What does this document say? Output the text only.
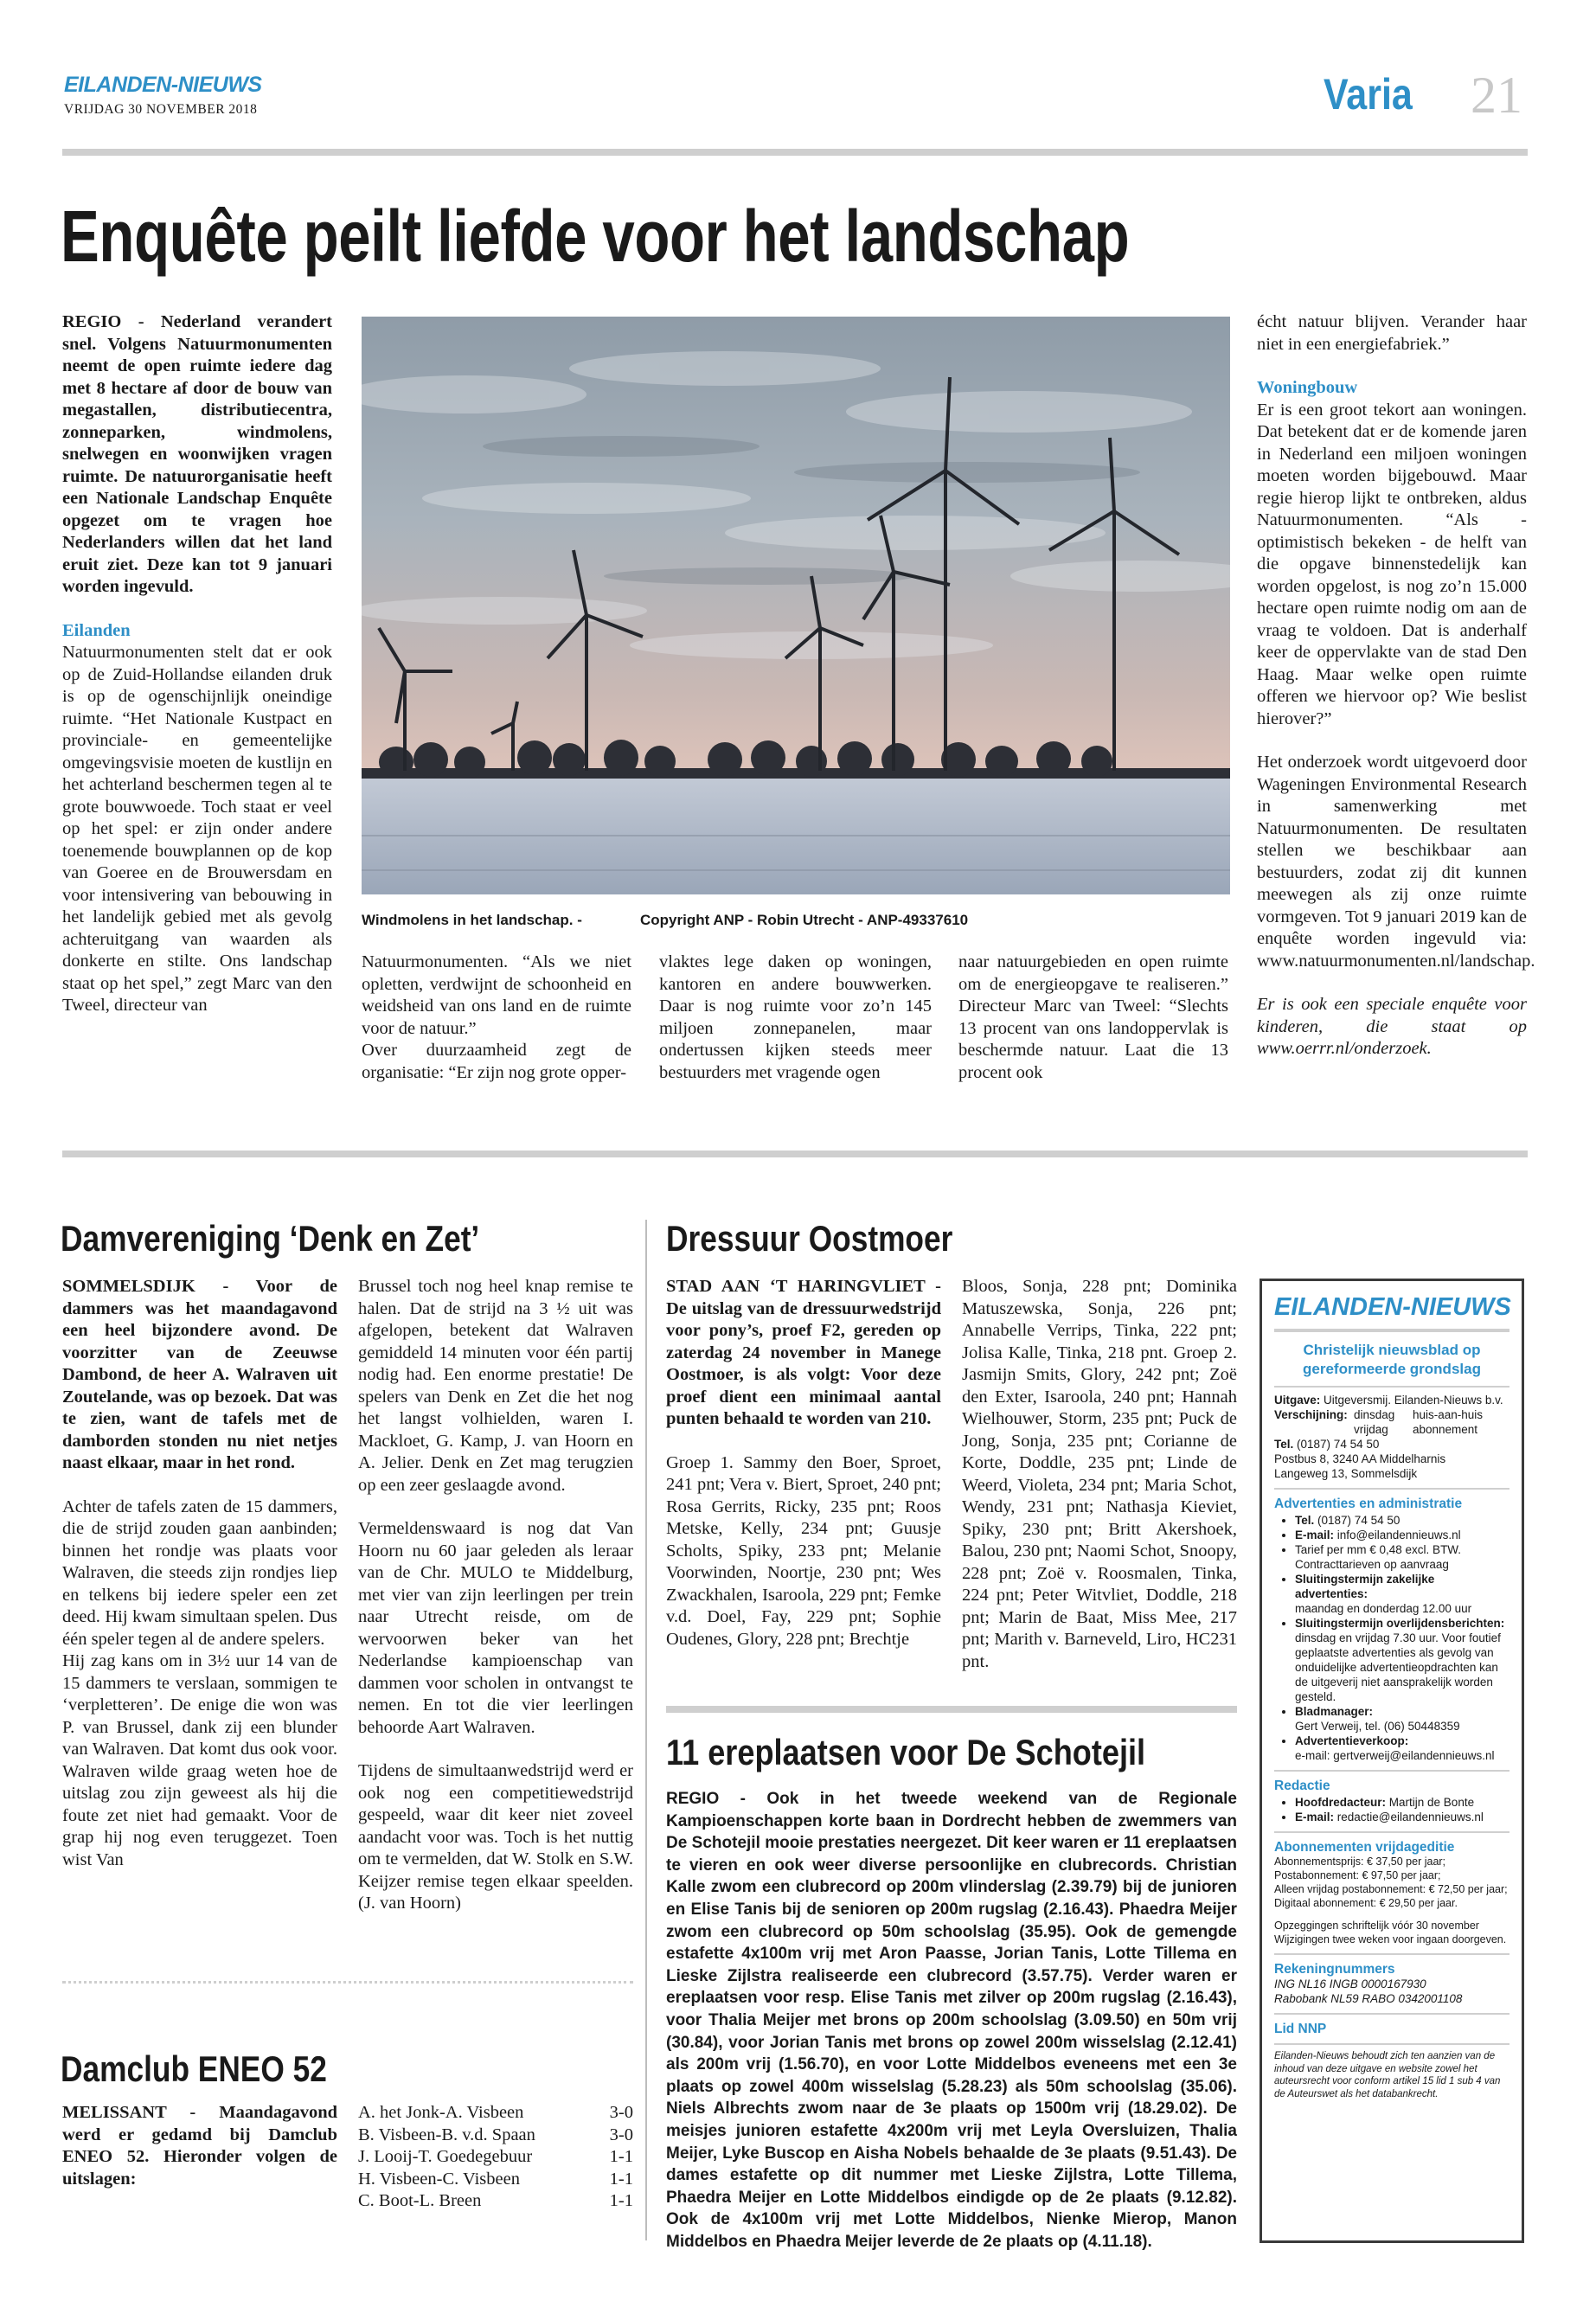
EILANDEN-NIEUWS
VRIJDAG 30 NOVEMBER 2018	Varia 21
Enquête peilt liefde voor het landschap

REGIO - Nederland verandert snel. Volgens Natuurmonumenten neemt de open ruimte iedere dag met 8 hectare af door de bouw van megastallen, distributiecentra, zonneparken, windmolens, snelwegen en woonwijken vragen ruimte. De natuurorganisatie heeft een Nationale Landschap Enquête opgezet om te vragen hoe Nederlanders willen dat het land eruit ziet. Deze kan tot 9 januari worden ingevuld.

Eilanden

Natuurmonumenten stelt dat er ook op de Zuid-Hollandse eilanden druk is op de ogenschijnlijk oneindige ruimte. “Het Nationale Kustpact en provinciale- en gemeentelijke omgevingsvisie moeten de kustlijn en het achterland beschermen tegen al te grote bouwwoede. Toch staat er veel op het spel: er zijn onder andere toenemende bouwplannen op de kop van Goeree en de Brouwersdam en voor intensivering van bebouwing in het landelijk gebied met als gevolg achteruitgang van waarden als donkerte en stilte. Ons landschap staat op het spel,” zegt Marc van den Tweel, directeur van

Windmolens in het landschap. -	Copyright ANP - Robin Utrecht - ANP-49337610

Natuurmonumenten. “Als we niet opletten, verdwijnt de schoonheid en weidsheid van ons land en de ruimte voor de natuur.”

Over duurzaamheid zegt de organisatie: “Er zijn nog grote opper-

vlaktes lege daken op woningen, kantoren en andere bouwwerken. Daar is nog ruimte voor zo’n 145 miljoen zonnepanelen, maar ondertussen kijken steeds meer bestuurders met vragende ogen

naar natuurgebieden en open ruimte om de energieopgave te realiseren.” Directeur Marc van Tweel: “Slechts 13 procent van ons landoppervlak is beschermde natuur. Laat die 13 procent ook

écht natuur blijven. Verander haar niet in een energiefabriek.”

Woningbouw

Er is een groot tekort aan woningen. Dat betekent dat er de komende jaren in Nederland een miljoen woningen moeten worden bijgebouwd. Maar regie hierop lijkt te ontbreken, aldus Natuurmonumenten. “Als - optimistisch bekeken - de helft van die opgave binnenstedelijk kan worden opgelost, is nog zo’n 15.000 hectare open ruimte nodig om aan de vraag te voldoen. Dat is anderhalf keer de oppervlakte van de stad Den Haag. Maar welke open ruimte offeren we hiervoor op? Wie beslist hierover?”

Het onderzoek wordt uitgevoerd door Wageningen Environmental Research in samenwerking met Natuurmonumenten. De resultaten stellen we beschikbaar aan bestuurders, zodat zij dit kunnen meewegen als zij onze ruimte vormgeven. Tot 9 januari 2019 kan de enquête worden ingevuld via: www.natuurmonumenten.nl/landschap.

Er is ook een speciale enquête voor kinderen, die staat op www.oerrr.nl/onderzoek.

Damvereniging ‘Denk en Zet’

SOMMELSDIJK - Voor de dammers was het maandagavond een heel bijzondere avond. De voorzitter van de Zeeuwse Dambond, de heer A. Walraven uit Zoutelande, was op bezoek. Dat was te zien, want de tafels met de damborden stonden nu niet netjes naast elkaar, maar in het rond.

Achter de tafels zaten de 15 dammers, die de strijd zouden gaan aanbinden; binnen het rondje was plaats voor Walraven, die steeds zijn rondjes liep en telkens bij iedere speler een zet deed. Hij kwam simultaan spelen. Dus één speler tegen al de andere spelers.

Hij zag kans om in 3½ uur 14 van de 15 dammers te verslaan, sommigen te ‘verpletteren’. De enige die won was P. van Brussel, dank zij een blunder van Walraven. Dat komt dus ook voor. Walraven wilde graag weten hoe de uitslag zou zijn geweest als hij die foute zet niet had gemaakt. Voor de grap hij nog even teruggezet. Toen wist Van

Brussel toch nog heel knap remise te halen. Dat de strijd na 3 ½ uit was afgelopen, betekent dat Walraven gemiddeld 14 minuten voor één partij nodig had. Een enorme prestatie! De spelers van Denk en Zet die het nog het langst volhielden, waren I. Mackloet, G. Kamp, J. van Hoorn en A. Jelier. Denk en Zet mag terugzien op een zeer geslaagde avond.

Vermeldenswaard is nog dat Van Hoorn nu 60 jaar geleden als leraar van de Chr. MULO te Middelburg, met vier van zijn leerlingen per trein naar Utrecht reisde, om de wervoorwen beker van het Nederlandse kampioenschap van dammen voor scholen in ontvangst te nemen. En tot die vier leerlingen behoorde Aart Walraven.

Tijdens de simultaanwedstrijd werd er ook nog een competitiewedstrijd gespeeld, waar dit keer niet zoveel aandacht voor was. Toch is het nuttig om te vermelden, dat W. Stolk en S.W. Keijzer remise tegen elkaar speelden. (J. van Hoorn)

Damclub ENEO 52
MELISSANT - Maandagavond werd er gedamd bij Damclub ENEO 52. Hieronder volgen de uitslagen:
A. het Jonk-A. Visbeen	3-0
B. Visbeen-B. v.d. Spaan	3-0
J. Looij-T. Goedegebuur	1-1
H. Visbeen-C. Visbeen	1-1
C. Boot-L. Breen	1-1
Dressuur Oostmoer

STAD AAN ‘T HARINGVLIET - De uitslag van de dressuurwedstrijd voor pony’s, proef F2, gereden op zaterdag 24 november in Manege Oostmoer, is als volgt: Voor deze proef dient een minimaal aantal punten behaald te worden van 210.

Groep 1. Sammy den Boer, Sproet, 241 pnt; Vera v. Biert, Sproet, 240 pnt; Rosa Gerrits, Ricky, 235 pnt; Roos Metske, Kelly, 234 pnt; Guusje Scholts, Spiky, 233 pnt; Melanie Voorwinden, Noortje, 230 pnt; Wes Zwackhalen, Isaroola, 229 pnt; Femke v.d. Doel, Fay, 229 pnt; Sophie Oudenes, Glory, 228 pnt; Brechtje

Bloos, Sonja, 228 pnt; Dominika Matuszewska, Sonja, 226 pnt; Annabelle Verrips, Tinka, 222 pnt; Jolisa Kalle, Tinka, 218 pnt. Groep 2. Jasmijn Smits, Glory, 242 pnt; Zoë den Exter, Isaroola, 240 pnt; Hannah Wielhouwer, Storm, 235 pnt; Puck de Jong, Sonja, 235 pnt; Corianne de Korte, Doddle, 235 pnt; Linde de Weerd, Violeta, 234 pnt; Maria Schot, Wendy, 231 pnt; Nathasja Kieviet, Spiky, 230 pnt; Britt Akershoek, Balou, 230 pnt; Naomi Schot, Snoopy, 228 pnt; Zoë v. Roosmalen, Tinka, 224 pnt; Peter Witvliet, Doddle, 218 pnt; Marin de Baat, Miss Mee, 217 pnt; Marith v. Barneveld, Liro, HC231 pnt.

11 ereplaatsen voor De Schotejil
REGIO - Ook in het tweede weekend van de Regionale Kampioenschappen korte baan in Dordrecht hebben de zwemmers van De Schotejil mooie prestaties neergezet. Dit keer waren er 11 ereplaatsen te vieren en ook weer diverse persoonlijke en clubrecords. Christian Kalle zwom een clubrecord op 200m vlinderslag (2.39.79) bij de junioren en Elise Tanis bij de senioren op 200m rugslag (2.16.43). Phaedra Meijer zwom een clubrecord op 50m schoolslag (35.95). Ook de gemengde estafette 4x100m vrij met Aron Paasse, Jorian Tanis, Lotte Tillema en Lieske Zijlstra realiseerde een clubrecord (3.57.75). Verder waren er ereplaatsen voor resp. Elise Tanis met zilver op 200m rugslag (2.16.43), voor Thalia Meijer met brons op 200m schoolslag (3.09.50) en 50m vrij (30.84), voor Jorian Tanis met brons op zowel 200m wisselslag (2.12.41) als 200m vrij (1.56.70), en voor Lotte Middelbos eveneens met een 3e plaats op zowel 400m wisselslag (5.28.23) als 50m schoolslag (35.06). Niels Albrechts zwom naar de 3e plaats op 1500m vrij (18.29.02). De meisjes junioren estafette 4x200m vrij met Leyla Oversluizen, Thalia Meijer, Lyke Buscop en Aisha Nobels behaalde de 3e plaats (9.51.43). De dames estafette op dit nummer met Lieske Zijlstra, Lotte Tillema, Phaedra Meijer en Lotte Middelbos eindigde op de 2e plaats (9.12.82). Ook de 4x100m vrij met Lotte Middelbos, Nienke Mierop, Manon Middelbos en Phaedra Meijer leverde de 2e plaats op (4.11.18).
EILANDEN-NIEUWS
Christelijk nieuwsblad op gereformeerde grondslag
Uitgave: Uitgeversmij. Eilanden-Nieuws b.v.
Verschijning: dinsdag	huis-aan-huis
vrijdag	abonnement
Tel. (0187) 74 54 50
Postbus 8, 3240 AA Middelharnis
Langeweg 13, Sommelsdijk
Advertenties en administratie
• Tel. (0187) 74 54 50
• E-mail: info@eilandennieuws.nl
• Tarief per mm € 0,48 excl. BTW.
Contracttarieven op aanvraag
• Sluitingstermijn zakelijke advertenties:
maandag en donderdag 12.00 uur
• Sluitingstermijn overlijdensberichten:
dinsdag en vrijdag 7.30 uur. Voor foutief geplaatste advertenties als gevolg van onduidelijke advertentieopdrachten kan de uitgeverij niet aansprakelijk worden gesteld.
• Bladmanager:
Gert Verweij, tel. (06) 50448359
• Advertentieverkoop:
e-mail: gertverweij@eilandennieuws.nl
Redactie
• Hoofdredacteur: Martijn de Bonte
• E-mail: redactie@eilandennieuws.nl
Abonnementen vrijdageditie
Abonnementsprijs: € 37,50 per jaar;
Postabonnement: € 97,50 per jaar;
Alleen vrijdag postabonnement: € 72,50 per jaar;
Digitaal abonnement: € 29,50 per jaar.
Opzeggingen schriftelijk vóór 30 november
Wijzigingen twee weken voor ingaan doorgeven.
Rekeningnummers
ING NL16 INGB 0000167930
Rabobank NL59 RABO 0342001108
Lid NNP
Eilanden-Nieuws behoudt zich ten aanzien van de inhoud van deze uitgave en website zowel het auteursrecht voor conform artikel 15 lid 1 sub 4 van de Auteurswet als het databankrecht.
